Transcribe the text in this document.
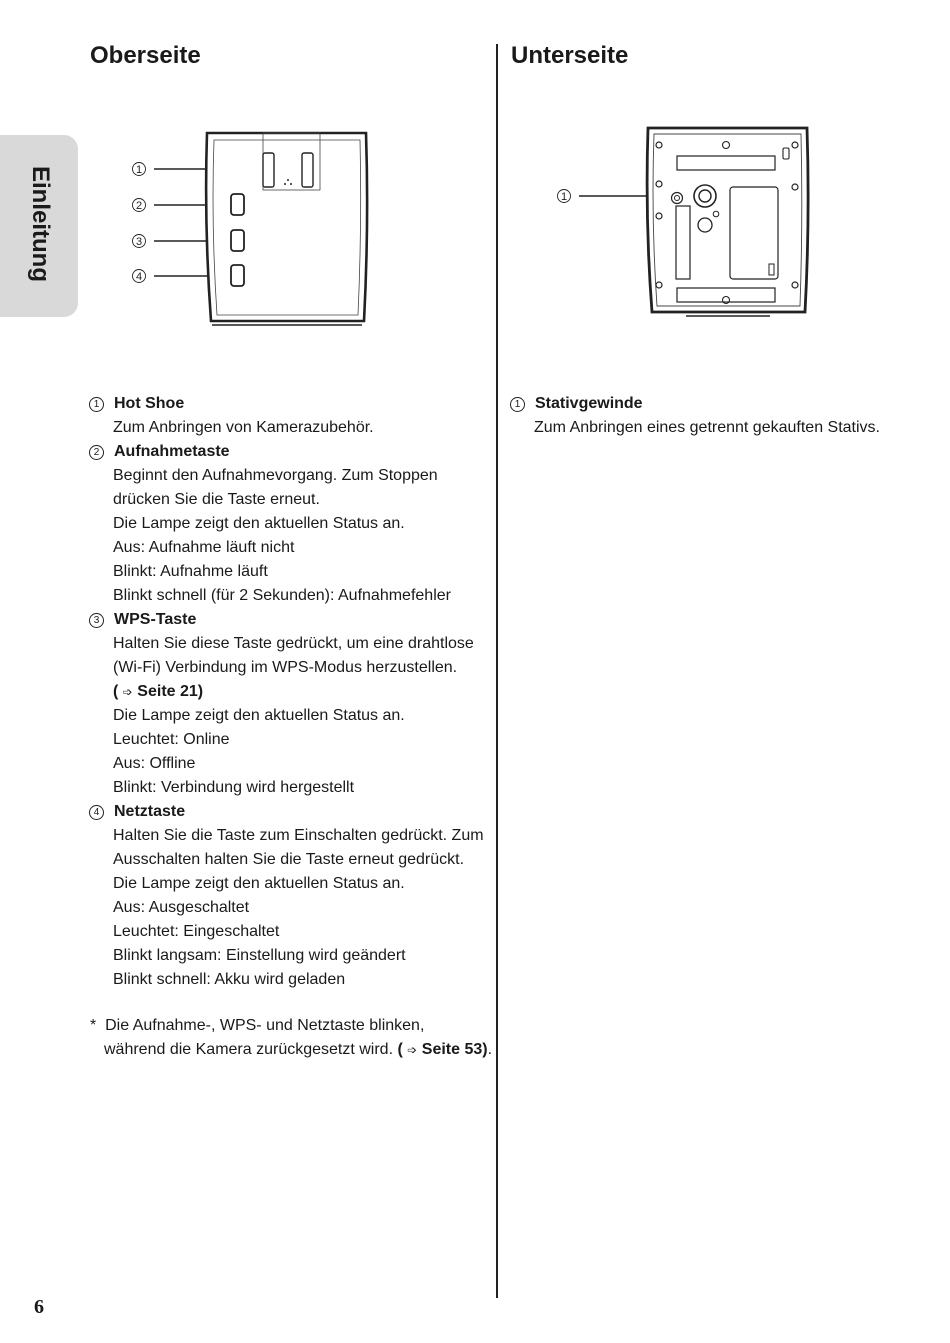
Einleitung
Oberseite
1
2
3
4
1 Hot Shoe
Zum Anbringen von Kamerazubehör.
2 Aufnahmetaste
Beginnt den Aufnahmevorgang. Zum Stoppen
drücken Sie die Taste erneut.
Die Lampe zeigt den aktuellen Status an.
Aus: Aufnahme läuft nicht
Blinkt: Aufnahme läuft
Blinkt schnell (für 2 Sekunden): Aufnahmefehler
3 WPS-Taste
Halten Sie diese Taste gedrückt, um eine drahtlose
(Wi-Fi) Verbindung im WPS-Modus herzustellen.
( ➩ Seite 21)
Die Lampe zeigt den aktuellen Status an.
Leuchtet: Online
Aus: Offline
Blinkt: Verbindung wird hergestellt
4 Netztaste
Halten Sie die Taste zum Einschalten gedrückt. Zum
Ausschalten halten Sie die Taste erneut gedrückt.
Die Lampe zeigt den aktuellen Status an.
Aus: Ausgeschaltet
Leuchtet: Eingeschaltet
Blinkt langsam: Einstellung wird geändert
Blinkt schnell: Akku wird geladen
* Die Aufnahme-, WPS- und Netztaste blinken,
während die Kamera zurückgesetzt wird. ( ➩ Seite 53).
Unterseite
1
1 Stativgewinde
Zum Anbringen eines getrennt gekauften Stativs.
6
